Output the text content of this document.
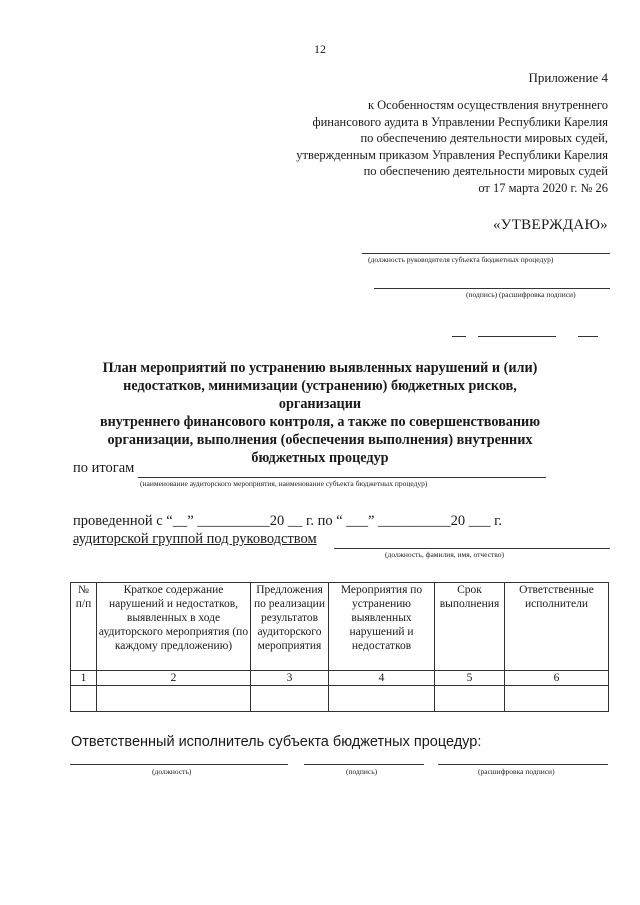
12
Приложение 4
к Особенностям осуществления внутреннего
финансового аудита в Управлении Республики Карелия
по обеспечению деятельности мировых судей,
утвержденным приказом Управления Республики Карелия
по обеспечению деятельности мировых судей
от 17 марта 2020 г. № 26
«УТВЕРЖДАЮ»
(должность руководителя субъекта бюджетных процедур)
(подпись) (расшифровка подписи)
План мероприятий по устранению выявленных нарушений и (или)
недостатков, минимизации (устранению) бюджетных рисков, организации
внутреннего финансового контроля, а также по совершенствованию
организации, выполнения (обеспечения выполнения) внутренних
бюджетных процедур
по итогам
(наименование аудиторского мероприятия, наименование субъекта бюджетных процедур)
проведенной с “__” __________20 __ г. по “ ___” __________20 ___ г.
аудиторской группой под руководством
(должность, фамилия, имя, отчество)
№ п/п	Краткое содержание нарушений и недостатков, выявленных в ходе аудиторского мероприятия (по каждому предложению)	Предложения по реализации результатов аудиторского мероприятия	Мероприятия по устранению выявленных нарушений и недостатков	Срок выполнения	Ответственные исполнители
1	2	3	4	5	6

Ответственный исполнитель субъекта бюджетных процедур:
(должность)	(подпись)	(расшифровка подписи)
